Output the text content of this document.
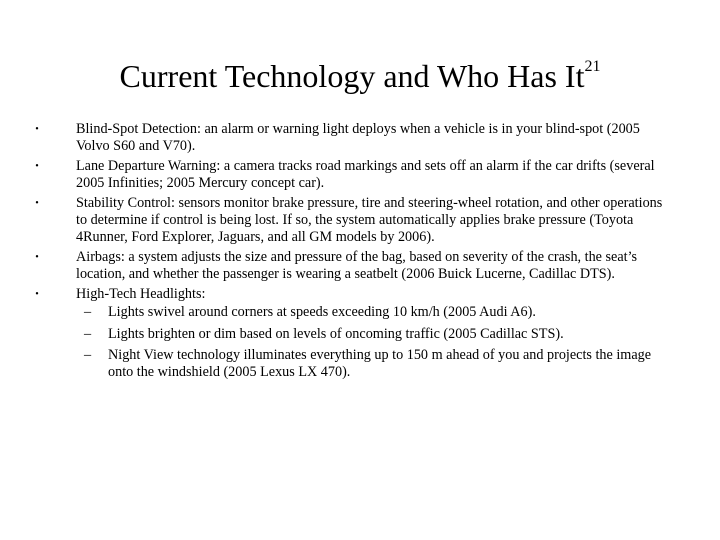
Current Technology and Who Has It$^{21}$
•	Blind-Spot Detection: an alarm or warning light deploys when a vehicle is in your blind-spot (2005 Volvo S60 and V70).
•	Lane Departure Warning: a camera tracks road markings and sets off an alarm if the car drifts (several 2005 Infinities; 2005 Mercury concept car).
•	Stability Control: sensors monitor brake pressure, tire and steering-wheel rotation, and other operations to determine if control is being lost. If so, the system automatically applies brake pressure (Toyota 4Runner, Ford Explorer, Jaguars, and all GM models by 2006).
•	Airbags: a system adjusts the size and pressure of the bag, based on severity of the crash, the seat’s location, and whether the passenger is wearing a seatbelt (2006 Buick Lucerne, Cadillac DTS).
•	High-Tech Headlights:
– Lights swivel around corners at speeds exceeding 10 km/h (2005 Audi A6).
– Lights brighten or dim based on levels of oncoming traffic (2005 Cadillac STS).
– Night View technology illuminates everything up to 150 m ahead of you and projects the image onto the windshield (2005 Lexus LX 470).
